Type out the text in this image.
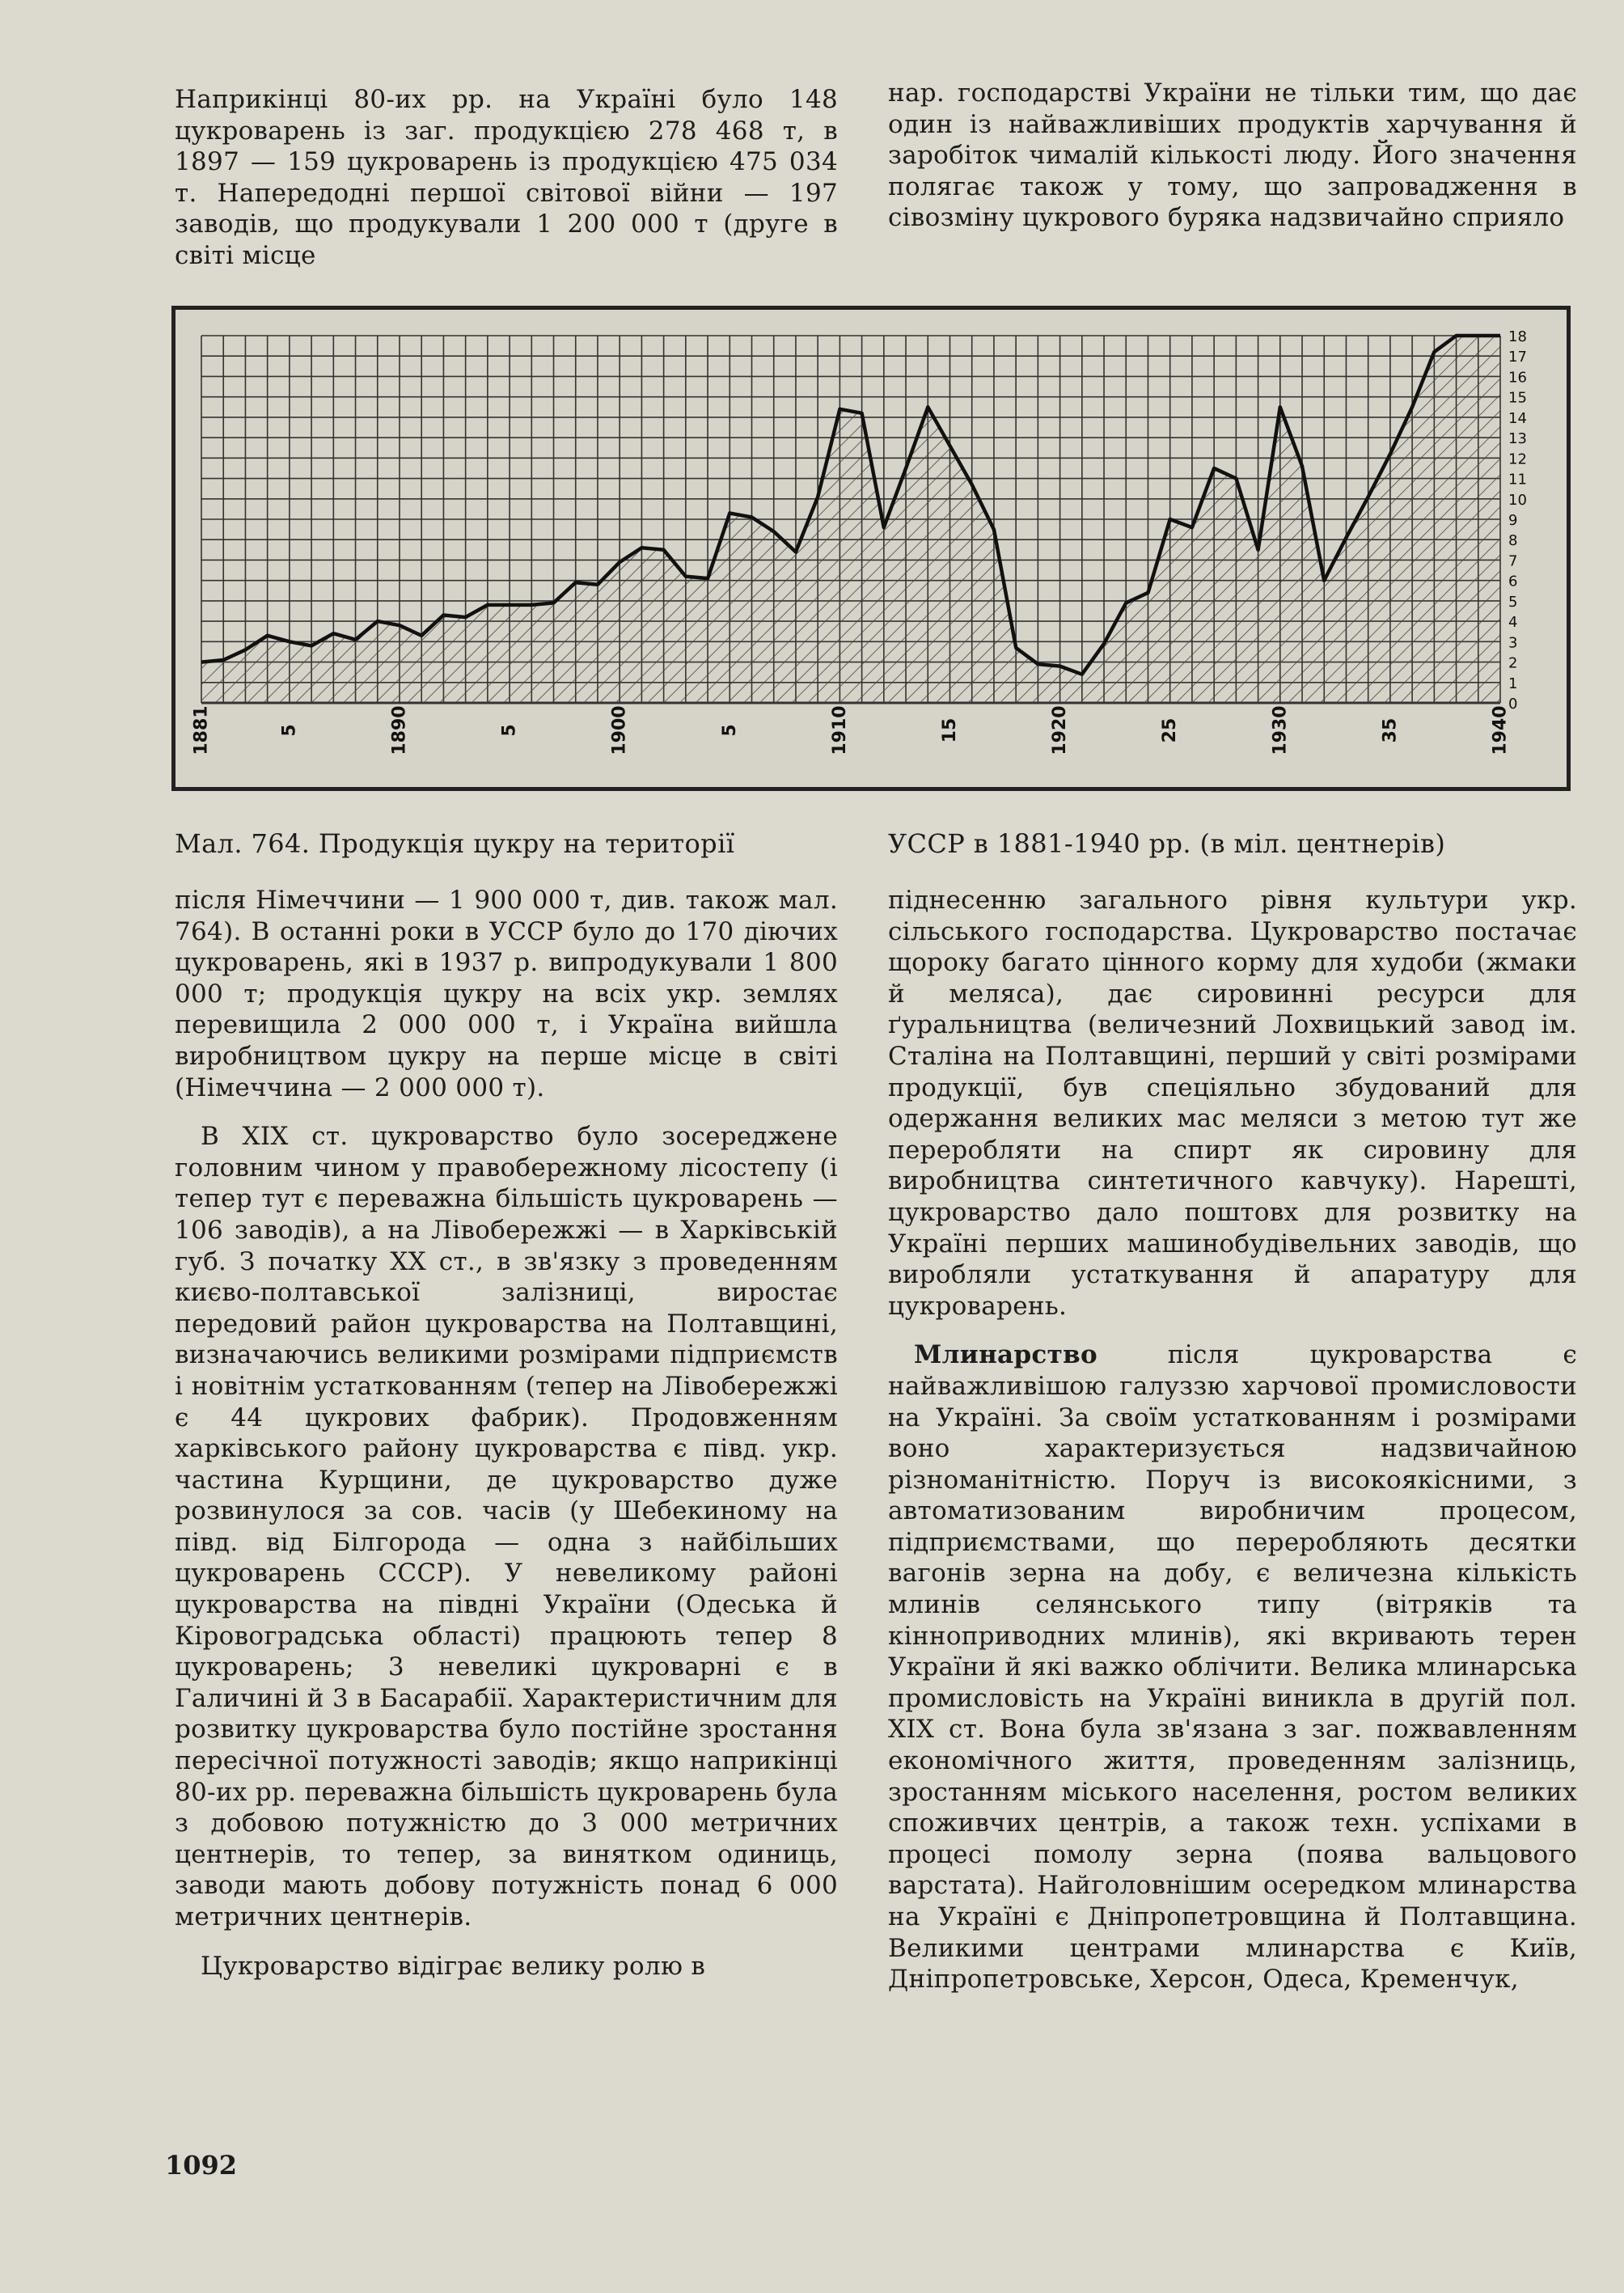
Наприкінці 80-их рр. на Україні було 148 цукроварень із заг. продукцією 278 468 т, в 1897 — 159 цукроварень із продукцією 475 034 т. Напередодні першої світової війни — 197 заводів, що продукували 1 200 000 т (друге в світі місце

нар. господарстві України не тільки тим, що дає один із найважливіших продуктів харчування й заробіток чималій кількості люду. Його значення полягає також у тому, що запровадження в сівозміну цукрового буряка надзвичайно сприяло

1881	5	1890	5	1900	5	1910	15	1920	25	1930	35	1940
0
1
2
3
4
5
6
7
8
9
10
11
12
13
14
15
16
17
18
Мал. 764. Продукція цукру на території	УССР в 1881-1940 рр. (в міл. центнерів)

після Німеччини — 1 900 000 т, див. також мал. 764). В останні роки в УССР було до 170 діючих цукроварень, які в 1937 р. випродукували 1 800 000 т; продукція цукру на всіх укр. землях перевищила 2 000 000 т, і Україна вийшла виробництвом цукру на перше місце в світі (Німеччина — 2 000 000 т).

В XIX ст. цукроварство було зосереджене головним чином у правобережному лісостепу (і тепер тут є переважна більшість цукроварень — 106 заводів), а на Лівобережжі — в Харківській губ. З початку XX ст., в зв'язку з проведенням києво-полтавської залізниці, виростає передовий район цукроварства на Полтавщині, визначаючись великими розмірами підприємств і новітнім устаткованням (тепер на Лівобережжі є 44 цукрових фабрик). Продовженням харківського району цукроварства є півд. укр. частина Курщини, де цукроварство дуже розвинулося за сов. часів (у Шебекиному на півд. від Білгорода — одна з найбільших цукроварень СССР). У невеликому районі цукроварства на півдні України (Одеська й Кіровоградська області) працюють тепер 8 цукроварень; 3 невеликі цукроварні є в Галичині й 3 в Басарабії. Характеристичним для розвитку цукроварства було постійне зростання пересічної потужності заводів; якщо наприкінці 80-их рр. переважна більшість цукроварень була з добовою потужністю до 3 000 метричних центнерів, то тепер, за винятком одиниць, заводи мають добову потужність понад 6 000 метричних центнерів.

Цукроварство відіграє велику ролю в

піднесенню загального рівня культури укр. сільського господарства. Цукроварство постачає щороку багато цінного корму для худоби (жмаки й меляса), дає сировинні ресурси для ґуральництва (величезний Лохвицький завод ім. Сталіна на Полтавщині, перший у світі розмірами продукції, був спеціяльно збудований для одержання великих мас меляси з метою тут же переробляти на спирт як сировину для виробництва синтетичного кавчуку). Нарешті, цукроварство дало поштовх для розвитку на Україні перших машинобудівельних заводів, що виробляли устаткування й апаратуру для цукроварень.

Млинарство після цукроварства є найважливішою галуззю харчової промисловости на Україні. За своїм устаткованням і розмірами воно характеризується надзвичайною різноманітністю. Поруч із високоякісними, з автоматизованим виробничим процесом, підприємствами, що переробляють десятки вагонів зерна на добу, є величезна кількість млинів селянського типу (вітряків та кінноприводних млинів), які вкривають терен України й які важко облічити. Велика млинарська промисловість на Україні виникла в другій пол. XIX ст. Вона була зв'язана з заг. пожвавленням економічного життя, проведенням залізниць, зростанням міського населення, ростом великих споживчих центрів, а також техн. успіхами в процесі помолу зерна (поява вальцового варстата). Найголовнішим осередком млинарства на Україні є Дніпропетровщина й Полтавщина. Великими центрами млинарства є Київ, Дніпропетровське, Херсон, Одеса, Кременчук,

1092
